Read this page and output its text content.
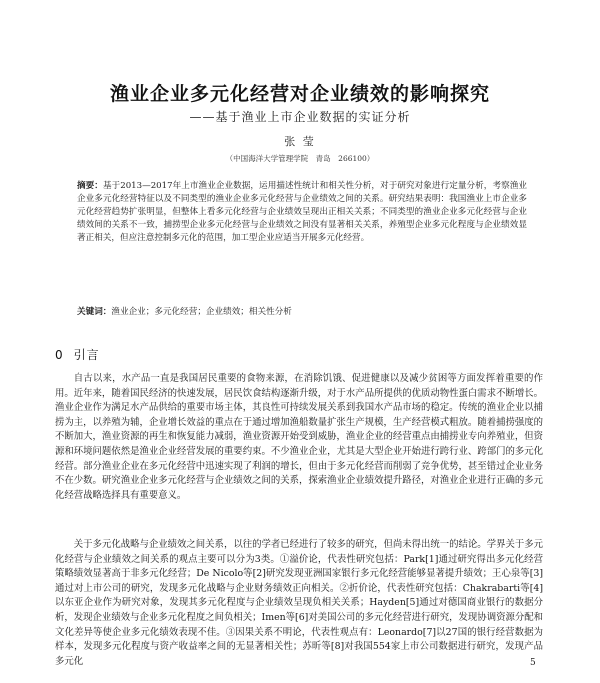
渔业企业多元化经营对企业绩效的影响探究
——基于渔业上市企业数据的实证分析
张 莹
（中国海洋大学管理学院　青岛　266100）
摘要：基于2013—2017年上市渔业企业数据，运用描述性统计和相关性分析，对于研究对象进行定量分析，考察渔业企业多元化经营特征以及不同类型的渔业企业多元化经营与企业绩效之间的关系。研究结果表明：我国渔业上市企业多元化经营趋势扩张明显，但整体上看多元化经营与企业绩效呈现出正相关关系；不同类型的渔业企业多元化经营与企业绩效间的关系不一致，捕捞型企业多元化经营与企业绩效之间没有显著相关关系，养殖型企业多元化程度与企业绩效显著正相关，但应注意控制多元化的范围，加工型企业应适当开展多元化经营。
关键词：渔业企业；多元化经营；企业绩效；相关性分析
0 引言

自古以来，水产品一直是我国居民重要的食物来源，在消除饥饿、促进健康以及减少贫困等方面发挥着重要的作用。近年来，随着国民经济的快速发展，居民饮食结构逐渐升级，对于水产品所提供的优质动物性蛋白需求不断增长。渔业企业作为满足水产品供给的重要市场主体，其良性可持续发展关系到我国水产品市场的稳定。传统的渔业企业以捕捞为主，以养殖为辅，企业增长效益的重点在于通过增加渔船数量扩张生产规模，生产经营模式粗放。随着捕捞强度的不断加大，渔业资源的再生和恢复能力减弱，渔业资源开始受到威胁，渔业企业的经营重点由捕捞业专向养殖业，但资源和环境问题依然是渔业企业经营发展的重要约束。不少渔业企业，尤其是大型企业开始进行跨行业、跨部门的多元化经营。部分渔业企业在多元化经营中迅速实现了利润的增长，但由于多元化经营而削弱了竞争优势，甚至错过企业业务不在少数。研究渔业企业多元化经营与企业绩效之间的关系，探索渔业企业绩效提升路径，对渔业企业进行正确的多元化经营战略选择具有重要意义。

关于多元化战略与企业绩效之间关系，以往的学者已经进行了较多的研究，但尚未得出统一的结论。学界关于多元化经营与企业绩效之间关系的观点主要可以分为3类。①溢价论，代表性研究包括：Park[1]通过研究得出多元化经营策略绩效显著高于非多元化经营；De Nicolo等[2]研究发现亚洲国家银行多元化经营能够显著提升绩效；王心泉等[3]通过对上市公司的研究，发现多元化战略与企业财务绩效正向相关。②折价论，代表性研究包括：Chakrabarti等[4]以东亚企业作为研究对象，发现其多元化程度与企业绩效呈现负相关关系；Hayden[5]通过对德国商业银行的数据分析，发现企业绩效与企业多元化程度之间负相关；Imen等[6]对美国公司的多元化经营进行研究，发现协调资源分配和文化差异等使企业多元化绩效表现不佳。③因果关系不明论，代表性观点有：Leonardo[7]以27国的银行经营数据为样本，发现多元化程度与资产收益率之间的无显著相关性；苏昕等[8]对我国554家上市公司数据进行研究，发现产品多元化	5
